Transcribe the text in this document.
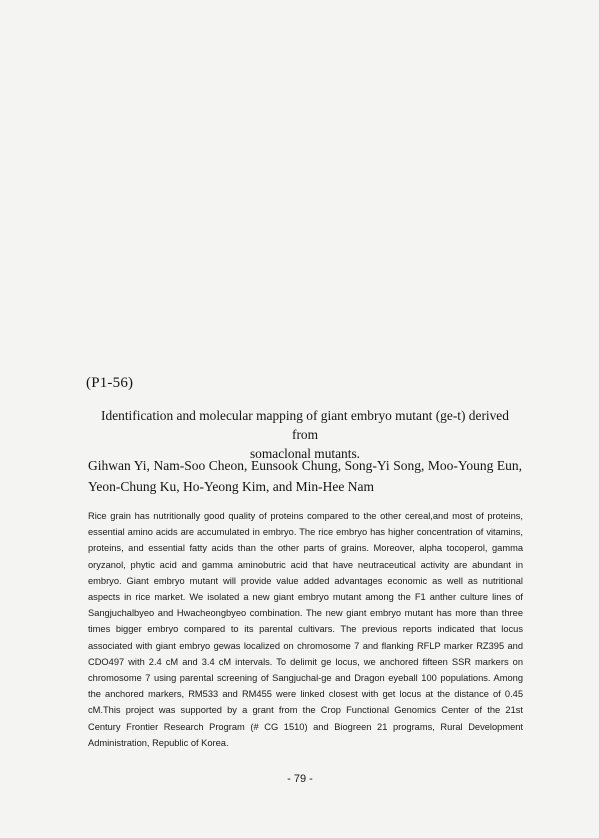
(P1-56)
Identification and molecular mapping of giant embryo mutant (ge-t) derived from
somaclonal mutants.
Gihwan Yi, Nam-Soo Cheon, Eunsook Chung, Song-Yi Song, Moo-Young Eun,
Yeon-Chung Ku, Ho-Yeong Kim, and Min-Hee Nam
Rice grain has nutritionally good quality of proteins compared to the other cereal,and most of proteins,
essential amino acids are accumulated in embryo. The rice embryo has higher concentration of vitamins,
proteins, and essential fatty acids than the other parts of grains. Moreover, alpha tocoperol, gamma
oryzanol, phytic acid and gamma aminobutric acid that have neutraceutical activity are abundant in
embryo. Giant embryo mutant will provide value added advantages economic as well as nutritional
aspects in rice market. We isolated a new giant embryo mutant among the F1 anther culture lines of
Sangjuchalbyeo and Hwacheongbyeo combination. The new giant embryo mutant has more than three
times bigger embryo compared to its parental cultivars. The previous reports indicated that locus
associated with giant embryo gewas localized on chromosome 7 and flanking RFLP marker RZ395 and
CDO497 with 2.4 cM and 3.4 cM intervals. To delimit ge locus, we anchored fifteen SSR markers on
chromosome 7 using parental screening of Sangjuchal-ge and Dragon eyeball 100 populations. Among
the anchored markers, RM533 and RM455 were linked closest with get locus at the distance of 0.45
cM.This project was supported by a grant from the Crop Functional Genomics Center of the 21st
Century Frontier Research Program (# CG 1510) and Biogreen 21 programs, Rural Development
Administration, Republic of Korea.
- 79 -
